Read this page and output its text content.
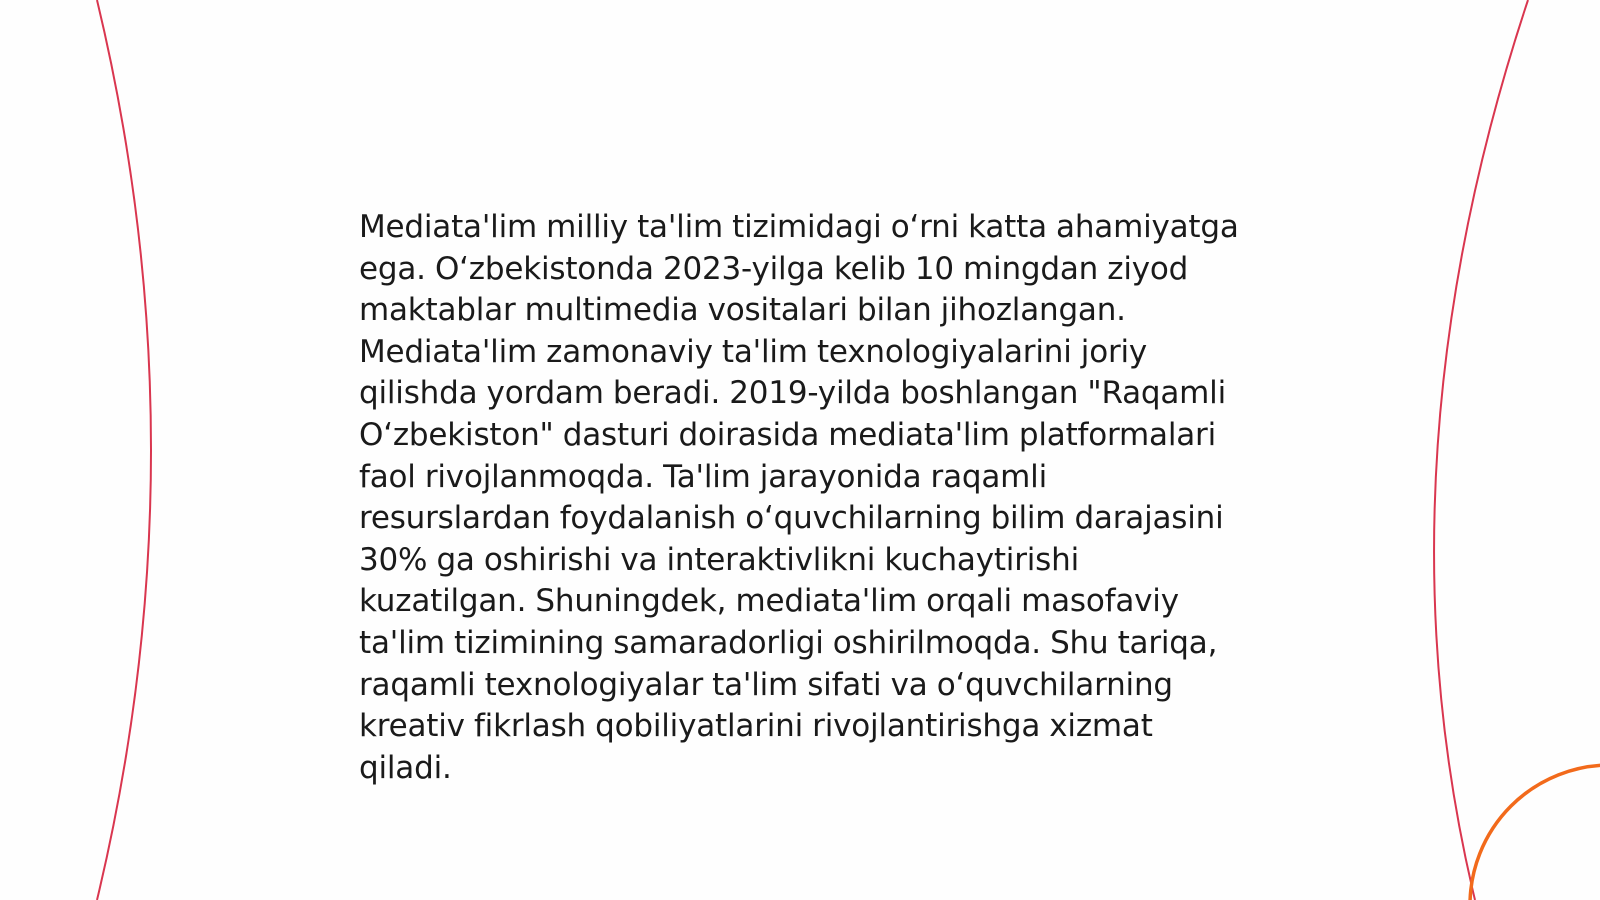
Mediata'lim milliy ta'lim tizimidagi o‘rni katta ahamiyatga ega. O‘zbekistonda 2023-yilga kelib 10 mingdan ziyod maktablar multimedia vositalari bilan jihozlangan. Mediata'lim zamonaviy ta'lim texnologiyalarini joriy qilishda yordam beradi. 2019-yilda boshlangan "Raqamli O‘zbekiston" dasturi doirasida mediata'lim platformalari faol rivojlanmoqda. Ta'lim jarayonida raqamli resurslardan foydalanish o‘quvchilarning bilim darajasini 30% ga oshirishi va interaktivlikni kuchaytirishi kuzatilgan. Shuningdek, mediata'lim orqali masofaviy ta'lim tizimining samaradorligi oshirilmoqda. Shu tariqa, raqamli texnologiyalar ta'lim sifati va o‘quvchilarning kreativ fikrlash qobiliyatlarini rivojlantirishga xizmat qiladi.
